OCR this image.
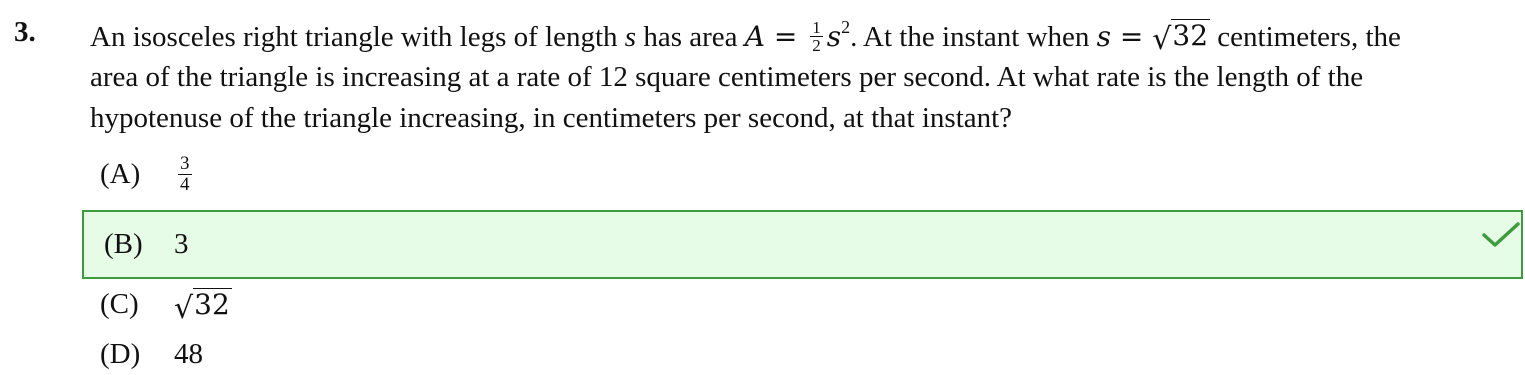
3. An isosceles right triangle with legs of length s has area $A = \frac{1}{2} s^2$. At the instant when s = √ 32 centimeters, the
area of the triangle is increasing at a rate of 12 square centimeters per second. At what rate is the length of the
hypotenuse of the triangle increasing, in centimeters per second, at that instant?
(A)	$\frac{3}{4}$
(B)	3
(C)	√ 32
(D)	48
